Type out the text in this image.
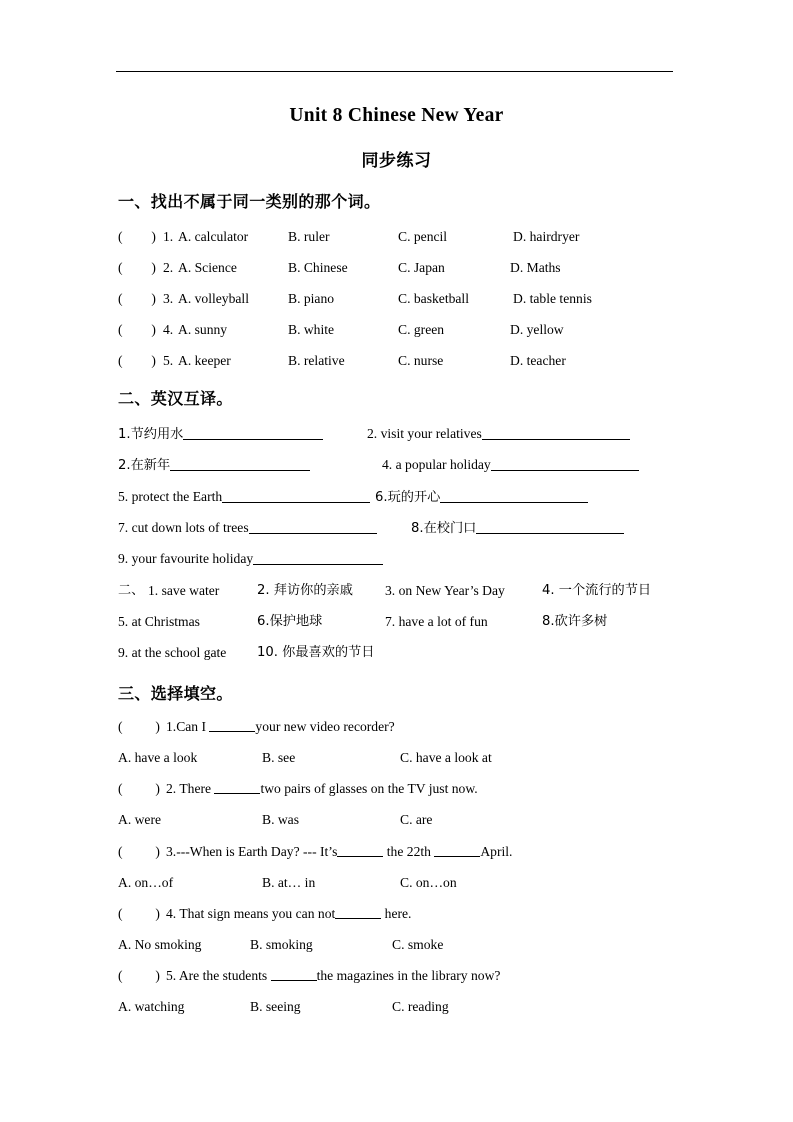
Unit 8 Chinese New Year
同步练习
一、找出不属于同一类别的那个词。
( ) 1. A. calculator	B. ruler	C. pencil	D. hairdryer
( ) 2. A. Science	B. Chinese	C. Japan	D. Maths
( ) 3. A. volleyball	B. piano	C. basketball	D. table tennis
( ) 4. A. sunny	B. white	C. green	D. yellow
( ) 5. A. keeper	B. relative	C. nurse	D. teacher
二、英汉互译。
1.节约用水	2. visit your relatives
2.在新年	4. a popular holiday
5. protect the Earth	6.玩的开心
7. cut down lots of trees	8.在校门口
9. your favourite holiday
二、 1. save water	2. 拜访你的亲戚 3. on New Year’s Day	4. 一个流行的节日
5. at Christmas	6.保护地球	7. have a lot of fun	8.砍许多树
9. at the school gate 10. 你最喜欢的节日
三、选择填空。
( ) 1.Can I	your new video recorder?
A. have a look	B. see	C. have a look at
( ) 2. There	two pairs of glasses on the TV just now.
A. were	B. was	C. are
( ) 3.---When is Earth Day? --- It’s	the 22th	April.
A. on…of	B. at… in	C. on…on
( ) 4. That sign means you can not	here.
A. No smoking	B. smoking	C. smoke
( ) 5. Are the students	the magazines in the library now?
A. watching	B. seeing	C. reading
